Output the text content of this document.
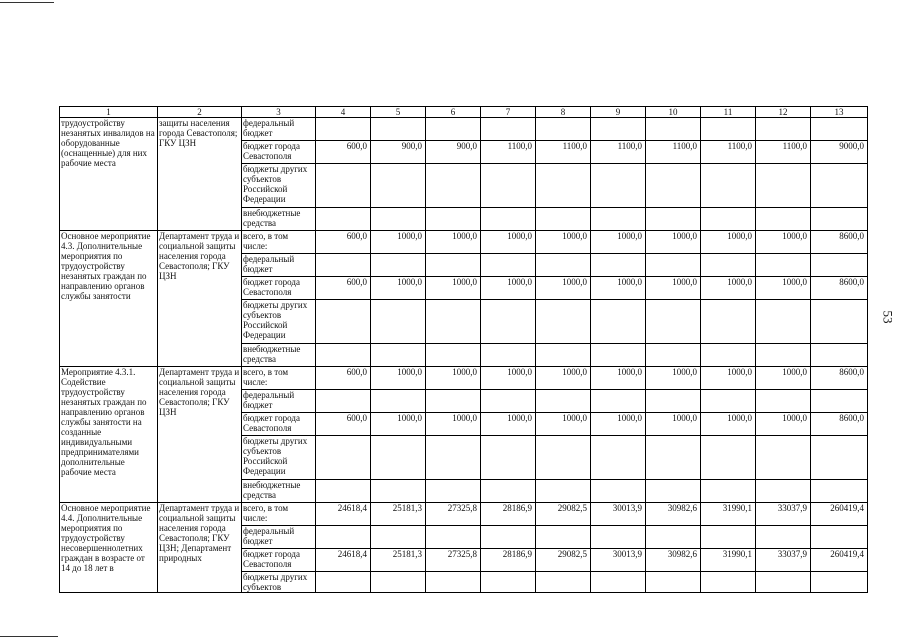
53
1	2	3	4	5	6	7	8	9	10	11	12	13
трудоустройству незанятых инвалидов на оборудованные (оснащенные) для них рабочие места	защиты населения города Севастополя; ГКУ ЦЗН	федеральный бюджет										
		бюджет города Севастополя	600,0	900,0	900,0	1100,0	1100,0	1100,0	1100,0	1100,0	1100,0	9000,0
		бюджеты других субъектов Российской Федерации										
		внебюджетные средства										
Основное мероприятие 4.3. Дополнительные мероприятия по трудоустройству незанятых граждан по направлению органов службы занятости	Департамент труда и социальной защиты населения города Севастополя; ГКУ ЦЗН	всего, в том числе:	600,0	1000,0	1000,0	1000,0	1000,0	1000,0	1000,0	1000,0	1000,0	8600,0
		федеральный бюджет										
		бюджет города Севастополя	600,0	1000,0	1000,0	1000,0	1000,0	1000,0	1000,0	1000,0	1000,0	8600,0
		бюджеты других субъектов Российской Федерации										
		внебюджетные средства										
Мероприятие 4.3.1. Содействие трудоустройству незанятых граждан по направлению органов службы занятости на созданные индивидуальными предпринимателями дополнительные рабочие места	Департамент труда и социальной защиты населения города Севастополя; ГКУ ЦЗН	всего, в том числе:	600,0	1000,0	1000,0	1000,0	1000,0	1000,0	1000,0	1000,0	1000,0	8600,0
		федеральный бюджет										
		бюджет города Севастополя	600,0	1000,0	1000,0	1000,0	1000,0	1000,0	1000,0	1000,0	1000,0	8600,0
		бюджеты других субъектов Российской Федерации										
		внебюджетные средства										
Основное мероприятие 4.4. Дополнительные мероприятия по трудоустройству несовершеннолетних граждан в возрасте от 14 до 18 лет в	Департамент труда и социальной защиты населения города Севастополя; ГКУ ЦЗН; Департамент природных	всего, в том числе:	24618,4	25181,3	27325,8	28186,9	29082,5	30013,9	30982,6	31990,1	33037,9	260419,4
		федеральный бюджет										
		бюджет города Севастополя	24618,4	25181,3	27325,8	28186,9	29082,5	30013,9	30982,6	31990,1	33037,9	260419,4
		бюджеты других субъектов										
